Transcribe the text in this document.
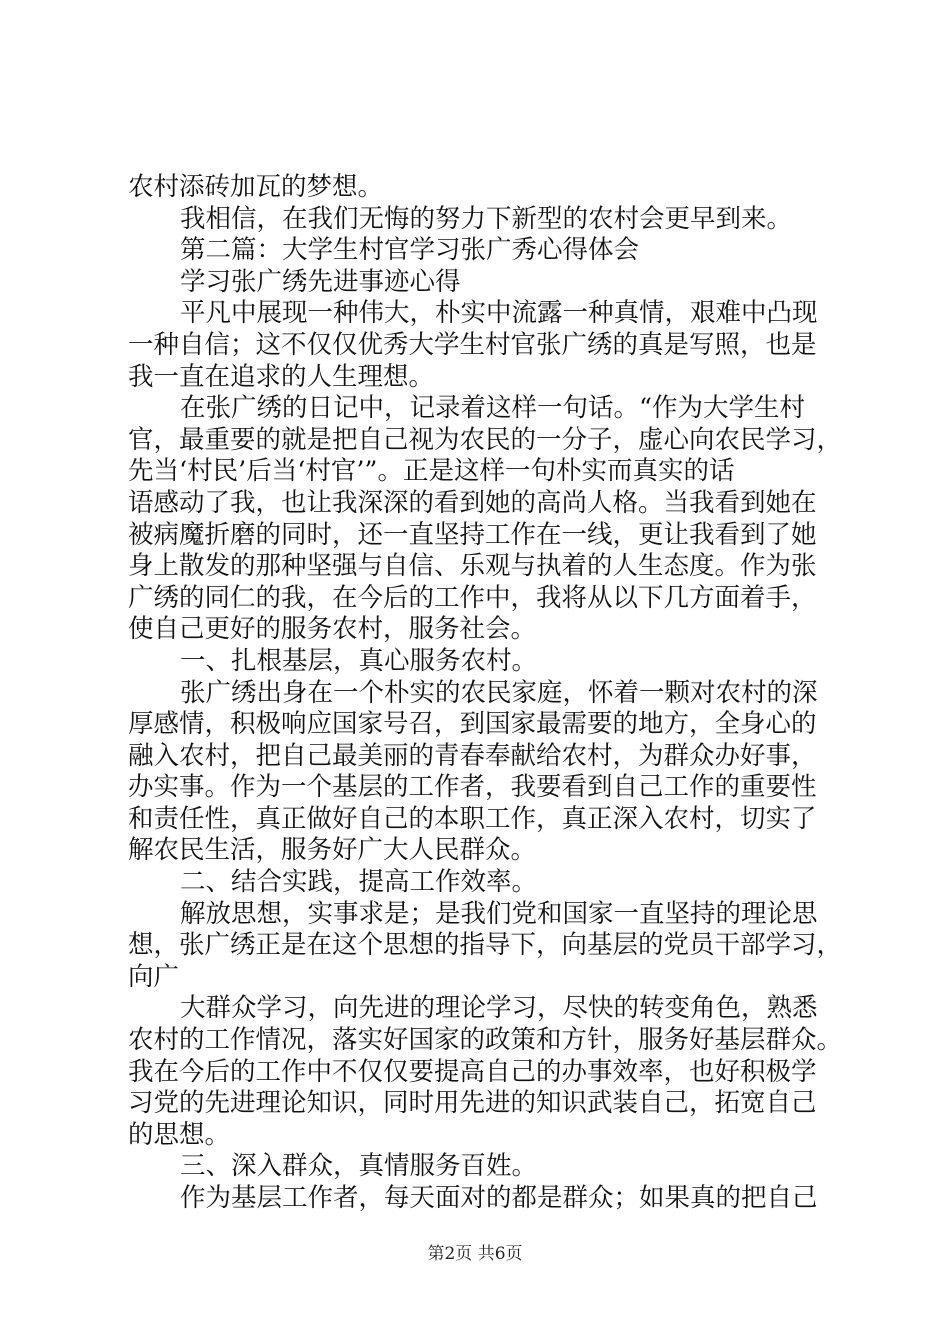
农村添砖加瓦的梦想。
我相信，在我们无悔的努力下新型的农村会更早到来。
第二篇：大学生村官学习张广秀心得体会
学习张广绣先进事迹心得
平凡中展现一种伟大，朴实中流露一种真情，艰难中凸现
一种自信；这不仅仅优秀大学生村官张广绣的真是写照，也是
我一直在追求的人生理想。
在张广绣的日记中，记录着这样一句话。“作为大学生村
官，最重要的就是把自己视为农民的一分子，虚心向农民学习，
先当‘村民’后当‘村官’”。正是这样一句朴实而真实的话
语感动了我，也让我深深的看到她的高尚人格。当我看到她在
被病魔折磨的同时，还一直坚持工作在一线，更让我看到了她
身上散发的那种坚强与自信、乐观与执着的人生态度。作为张
广绣的同仁的我，在今后的工作中，我将从以下几方面着手，
使自己更好的服务农村，服务社会。
一、扎根基层，真心服务农村。
张广绣出身在一个朴实的农民家庭，怀着一颗对农村的深
厚感情，积极响应国家号召，到国家最需要的地方，全身心的
融入农村，把自己最美丽的青春奉献给农村，为群众办好事，
办实事。作为一个基层的工作者，我要看到自己工作的重要性
和责任性，真正做好自己的本职工作，真正深入农村，切实了
解农民生活，服务好广大人民群众。
二、结合实践，提高工作效率。
解放思想，实事求是；是我们党和国家一直坚持的理论思
想，张广绣正是在这个思想的指导下，向基层的党员干部学习，
向广
大群众学习，向先进的理论学习，尽快的转变角色，熟悉
农村的工作情况，落实好国家的政策和方针，服务好基层群众。
我在今后的工作中不仅仅要提高自己的办事效率，也好积极学
习党的先进理论知识，同时用先进的知识武装自己，拓宽自己
的思想。
三、深入群众，真情服务百姓。
作为基层工作者，每天面对的都是群众；如果真的把自己
第2页 共6页
